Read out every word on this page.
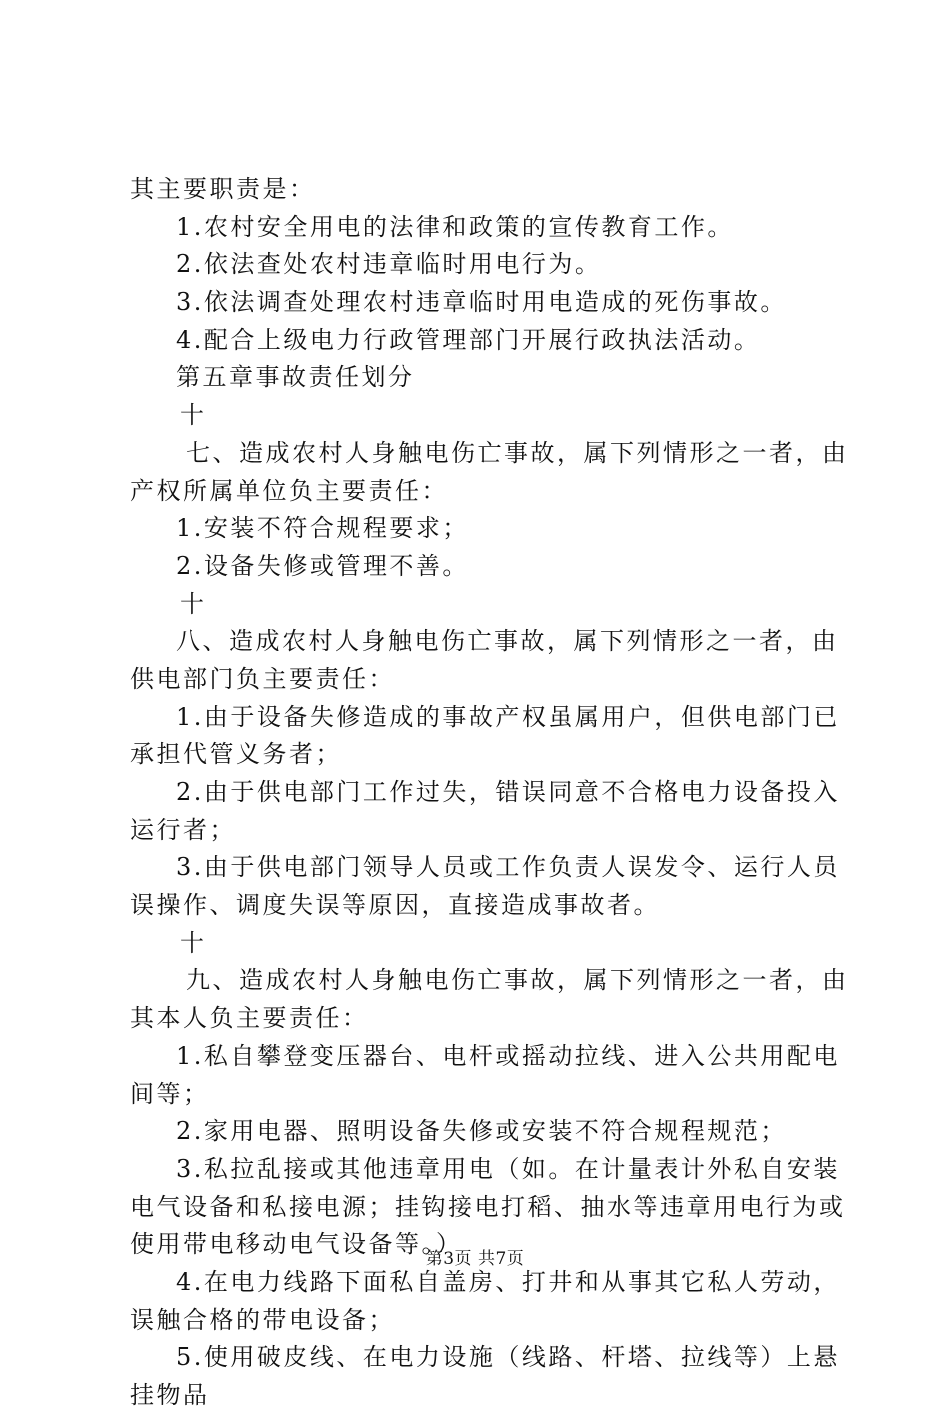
其主要职责是：
1.农村安全用电的法律和政策的宣传教育工作。
2.依法查处农村违章临时用电行为。
3.依法调查处理农村违章临时用电造成的死伤事故。
4.配合上级电力行政管理部门开展行政执法活动。
第五章事故责任划分
十
七、造成农村人身触电伤亡事故，属下列情形之一者，由
产权所属单位负主要责任：
1.安装不符合规程要求；
2.设备失修或管理不善。
十
八、造成农村人身触电伤亡事故，属下列情形之一者，由
供电部门负主要责任：
1.由于设备失修造成的事故产权虽属用户，但供电部门已
承担代管义务者；
2.由于供电部门工作过失，错误同意不合格电力设备投入
运行者；
3.由于供电部门领导人员或工作负责人误发令、运行人员
误操作、调度失误等原因，直接造成事故者。
十
九、造成农村人身触电伤亡事故，属下列情形之一者，由
其本人负主要责任：
1.私自攀登变压器台、电杆或摇动拉线、进入公共用配电
间等；
2.家用电器、照明设备失修或安装不符合规程规范；
3.私拉乱接或其他违章用电（如。在计量表计外私自安装
电气设备和私接电源；挂钩接电打稻、抽水等违章用电行为或
使用带电移动电气设备等。）
4.在电力线路下面私自盖房、打井和从事其它私人劳动，
误触合格的带电设备；
5.使用破皮线、在电力设施（线路、杆塔、拉线等）上悬
挂物品
第3页 共7页
